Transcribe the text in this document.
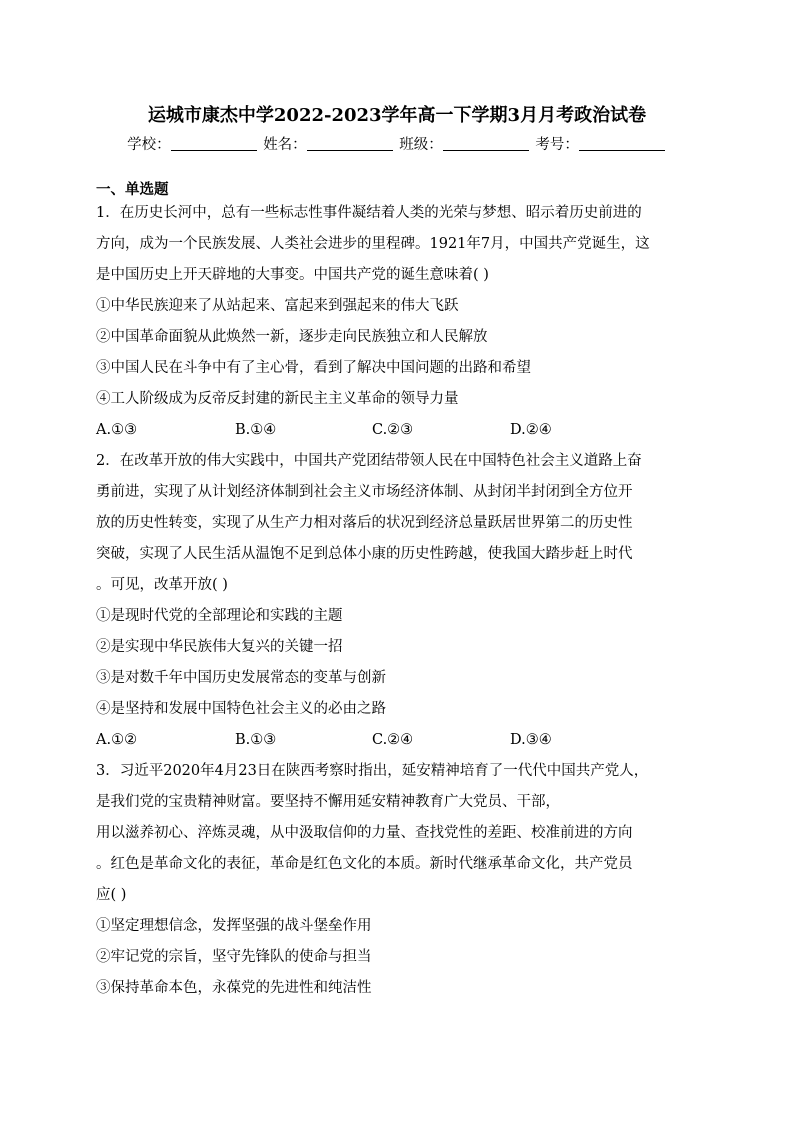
运城市康杰中学2022-2023学年高一下学期3月月考政治试卷
学校：	姓名：	班级：	考号：
一、单选题
1．在历史长河中，总有一些标志性事件凝结着人类的光荣与梦想、昭示着历史前进的
方向，成为一个民族发展、人类社会进步的里程碑。1921年7月，中国共产党诞生，这
是中国历史上开天辟地的大事变。中国共产党的诞生意味着( )
①中华民族迎来了从站起来、富起来到强起来的伟大飞跃
②中国革命面貌从此焕然一新，逐步走向民族独立和人民解放
③中国人民在斗争中有了主心骨，看到了解决中国问题的出路和希望
④工人阶级成为反帝反封建的新民主主义革命的领导力量
A.①③	B.①④	C.②③	D.②④
2．在改革开放的伟大实践中，中国共产党团结带领人民在中国特色社会主义道路上奋
勇前进，实现了从计划经济体制到社会主义市场经济体制、从封闭半封闭到全方位开
放的历史性转变，实现了从生产力相对落后的状况到经济总量跃居世界第二的历史性
突破，实现了人民生活从温饱不足到总体小康的历史性跨越，使我国大踏步赶上时代
。可见，改革开放( )
①是现时代党的全部理论和实践的主题
②是实现中华民族伟大复兴的关键一招
③是对数千年中国历史发展常态的变革与创新
④是坚持和发展中国特色社会主义的必由之路
A.①②	B.①③	C.②④	D.③④
3．习近平2020年4月23日在陕西考察时指出，延安精神培育了一代代中国共产党人，
是我们党的宝贵精神财富。要坚持不懈用延安精神教育广大党员、干部，
用以滋养初心、淬炼灵魂，从中汲取信仰的力量、查找党性的差距、校准前进的方向
。红色是革命文化的表征，革命是红色文化的本质。新时代继承革命文化，共产党员
应( )
①坚定理想信念，发挥坚强的战斗堡垒作用
②牢记党的宗旨，坚守先锋队的使命与担当
③保持革命本色，永葆党的先进性和纯洁性
